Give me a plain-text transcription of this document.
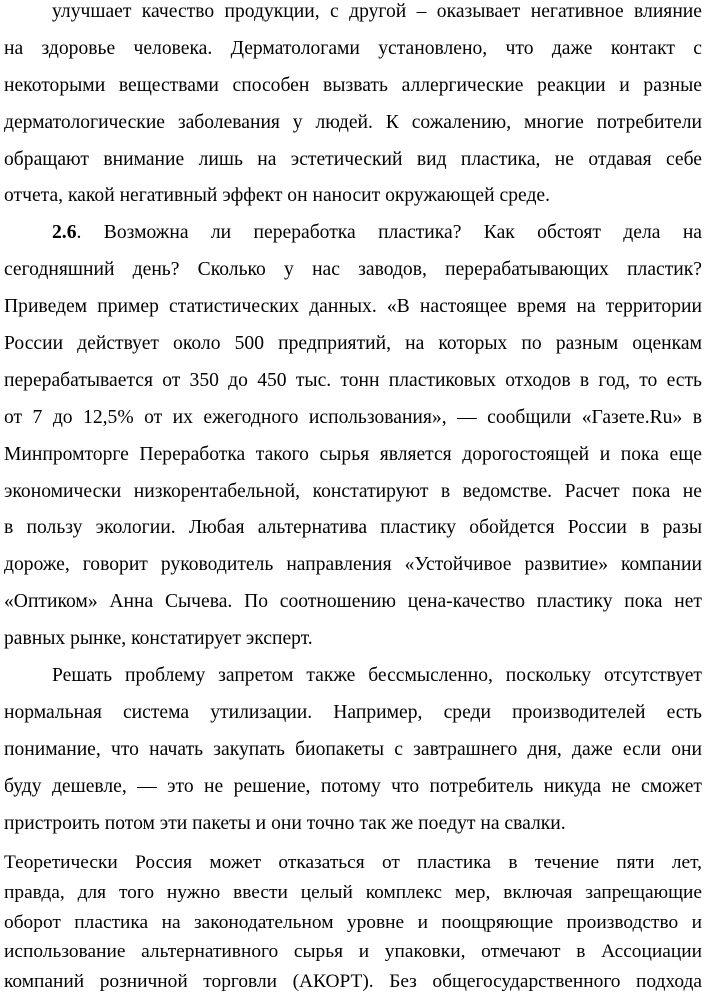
улучшает качество продукции, с другой – оказывает негативное влияние
на здоровье человека. Дерматологами установлено, что даже контакт с
некоторыми веществами способен вызвать аллергические реакции и разные
дерматологические заболевания у людей. К сожалению, многие потребители
обращают внимание лишь на эстетический вид пластика, не отдавая себе
отчета, какой негативный эффект он наносит окружающей среде.
2.6. Возможна ли переработка пластика? Как обстоят дела на
сегодняшний день? Сколько у нас заводов, перерабатывающих пластик?
Приведем пример статистических данных. «В настоящее время на территории
России действует около 500 предприятий, на которых по разным оценкам
перерабатывается от 350 до 450 тыс. тонн пластиковых отходов в год, то есть
от 7 до 12,5% от их ежегодного использования», — сообщили «Газете.Ru» в
Минпромторге Переработка такого сырья является дорогостоящей и пока еще
экономически низкорентабельной, констатируют в ведомстве. Расчет пока не
в пользу экологии. Любая альтернатива пластику обойдется России в разы
дороже, говорит руководитель направления «Устойчивое развитие» компании
«Оптиком» Анна Сычева. По соотношению цена-качество пластику пока нет
равных рынке, констатирует эксперт.
Решать проблему запретом также бессмысленно, поскольку отсутствует
нормальная система утилизации. Например, среди производителей есть
понимание, что начать закупать биопакеты с завтрашнего дня, даже если они
буду дешевле, — это не решение, потому что потребитель никуда не сможет
пристроить потом эти пакеты и они точно так же поедут на свалки.
Теоретически Россия может отказаться от пластика в течение пяти лет,
правда, для того нужно ввести целый комплекс мер, включая запрещающие
оборот пластика на законодательном уровне и поощряющие производство и
использование альтернативного сырья и упаковки, отмечают в Ассоциации
компаний розничной торговли (АКОРТ). Без общегосударственного подхода
